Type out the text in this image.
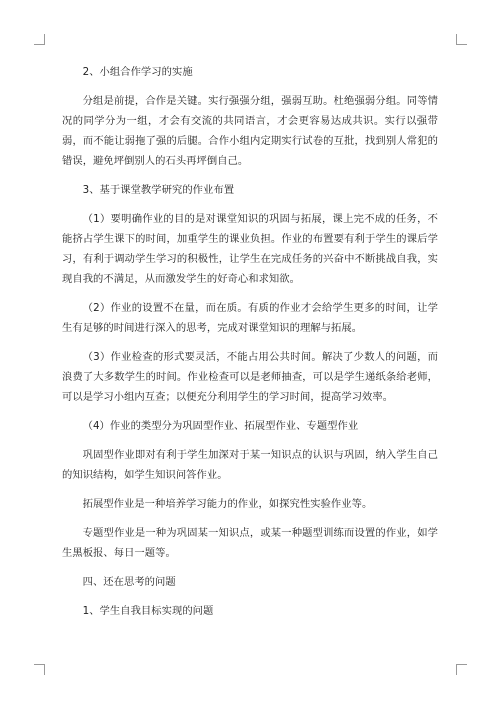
2、小组合作学习的实施

分组是前提，合作是关键。实行强强分组，强弱互助。杜绝强弱分组。同等情况的同学分为一组，才会有交流的共同语言，才会更容易达成共识。实行以强带弱，而不能让弱拖了强的后腿。合作小组内定期实行试卷的互批，找到别人常犯的错误，避免坪倒别人的石头再坪倒自己。

3、基于课堂教学研究的作业布置

（1）要明确作业的目的是对课堂知识的巩固与拓展，课上完不成的任务，不能挤占学生课下的时间，加重学生的课业负担。作业的布置要有利于学生的课后学习，有利于调动学生学习的积极性，让学生在完成任务的兴奋中不断挑战自我，实现自我的不满足，从而激发学生的好奇心和求知欲。

（2）作业的设置不在量，而在质。有质的作业才会给学生更多的时间，让学生有足够的时间进行深入的思考，完成对课堂知识的理解与拓展。

（3）作业检查的形式要灵活，不能占用公共时间。解决了少数人的问题，而浪费了大多数学生的时间。作业检查可以是老师抽查，可以是学生递纸条给老师，可以是学习小组内互查；以便充分利用学生的学习时间，提高学习效率。

（4）作业的类型分为巩固型作业、拓展型作业、专题型作业

巩固型作业即对有利于学生加深对于某一知识点的认识与巩固，纳入学生自己的知识结构，如学生知识问答作业。

拓展型作业是一种培养学习能力的作业，如探究性实验作业等。

专题型作业是一种为巩固某一知识点，或某一种题型训练而设置的作业，如学生黑板报、每日一题等。

四、还在思考的问题

1、学生自我目标实现的问题
